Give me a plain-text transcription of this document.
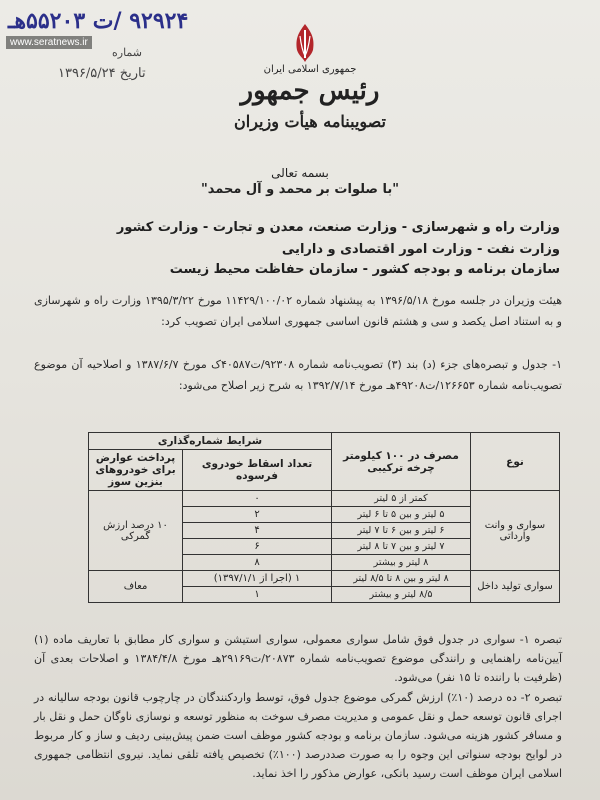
www.seratnews.ir
۹۲۹۲۴ /ت ۵۵۲۰۳هـ
شماره
تاریخ ۱۳۹۶/۵/۲۴	جمهوری اسلامی ایران
رئیس جمهور
تصویبنامه هیأت وزیران
بسمه تعالی
"با صلوات بر محمد و آل محمد"
وزارت راه و شهرسازی - وزارت صنعت، معدن و تجارت - وزارت کشور
وزارت نفت - وزارت امور اقتصادی و دارایی
سازمان برنامه و بودجه کشور - سازمان حفاظت محیط زیست
هیئت وزیران در جلسه مورخ ۱۳۹۶/۵/۱۸ به پیشنهاد شماره ۱۱۴۲۹/۱۰۰/۰۲ مورخ ۱۳۹۵/۳/۲۲ وزارت راه و شهرسازی و به استناد اصل یکصد و سی و هشتم قانون اساسی جمهوری اسلامی ایران تصویب کرد:
۱- جدول و تبصره‌های جزء (د) بند (۳) تصویب‌نامه شماره ۹۲۳۰۸/ت۴۰۵۸۷ک مورخ ۱۳۸۷/۶/۷ و اصلاحیه آن موضوع تصویب‌نامه شماره ۱۲۶۶۵۳/ت۴۹۲۰۸هـ مورخ ۱۳۹۲/۷/۱۴ به شرح زیر اصلاح می‌شود:
نوع	مصرف در ۱۰۰ کیلومتر چرخه ترکیبی	شرایط شماره‌گذاری	
		تعداد اسقاط خودروی فرسوده	پرداخت عوارض برای خودروهای بنزین سوز
سواری و وانت وارداتی	کمتر از ۵ لیتر	۰	۱۰ درصد ارزش گمرکی
	۵ لیتر و بین ۵ تا ۶ لیتر	۲	
	۶ لیتر و بین ۶ تا ۷ لیتر	۴	
	۷ لیتر و بین ۷ تا ۸ لیتر	۶	
	۸ لیتر و بیشتر	۸	
سواری تولید داخل	۸ لیتر و بین ۸ تا ۸/۵ لیتر	۱ (اجرا از ۱۳۹۷/۱/۱)	معاف
	۸/۵ لیتر و بیشتر	۱	
تبصره ۱- سواری در جدول فوق شامل سواری معمولی، سواری استیشن و سواری کار مطابق با تعاریف ماده (۱) آیین‌نامه راهنمایی و رانندگی موضوع تصویب‌نامه شماره ۲۰۸۷۳/ت۲۹۱۶۹هـ مورخ ۱۳۸۴/۴/۸ و اصلاحات بعدی آن (ظرفیت با راننده تا ۱۵ نفر) می‌شود.
تبصره ۲- ده درصد (۱۰٪) ارزش گمرکی موضوع جدول فوق، توسط واردکنندگان در چارچوب قانون بودجه سالیانه در اجرای قانون توسعه حمل و نقل عمومی و مدیریت مصرف سوخت به منظور توسعه و نوسازی ناوگان حمل و نقل بار و مسافر کشور هزینه می‌شود. سازمان برنامه و بودجه کشور موظف است ضمن پیش‌بینی ردیف و ساز و کار مربوط در لوایح بودجه سنواتی این وجوه را به صورت صددرصد (۱۰۰٪) تخصیص یافته تلقی نماید. نیروی انتظامی جمهوری اسلامی ایران موظف است رسید بانکی، عوارض مذکور را اخذ نماید.
